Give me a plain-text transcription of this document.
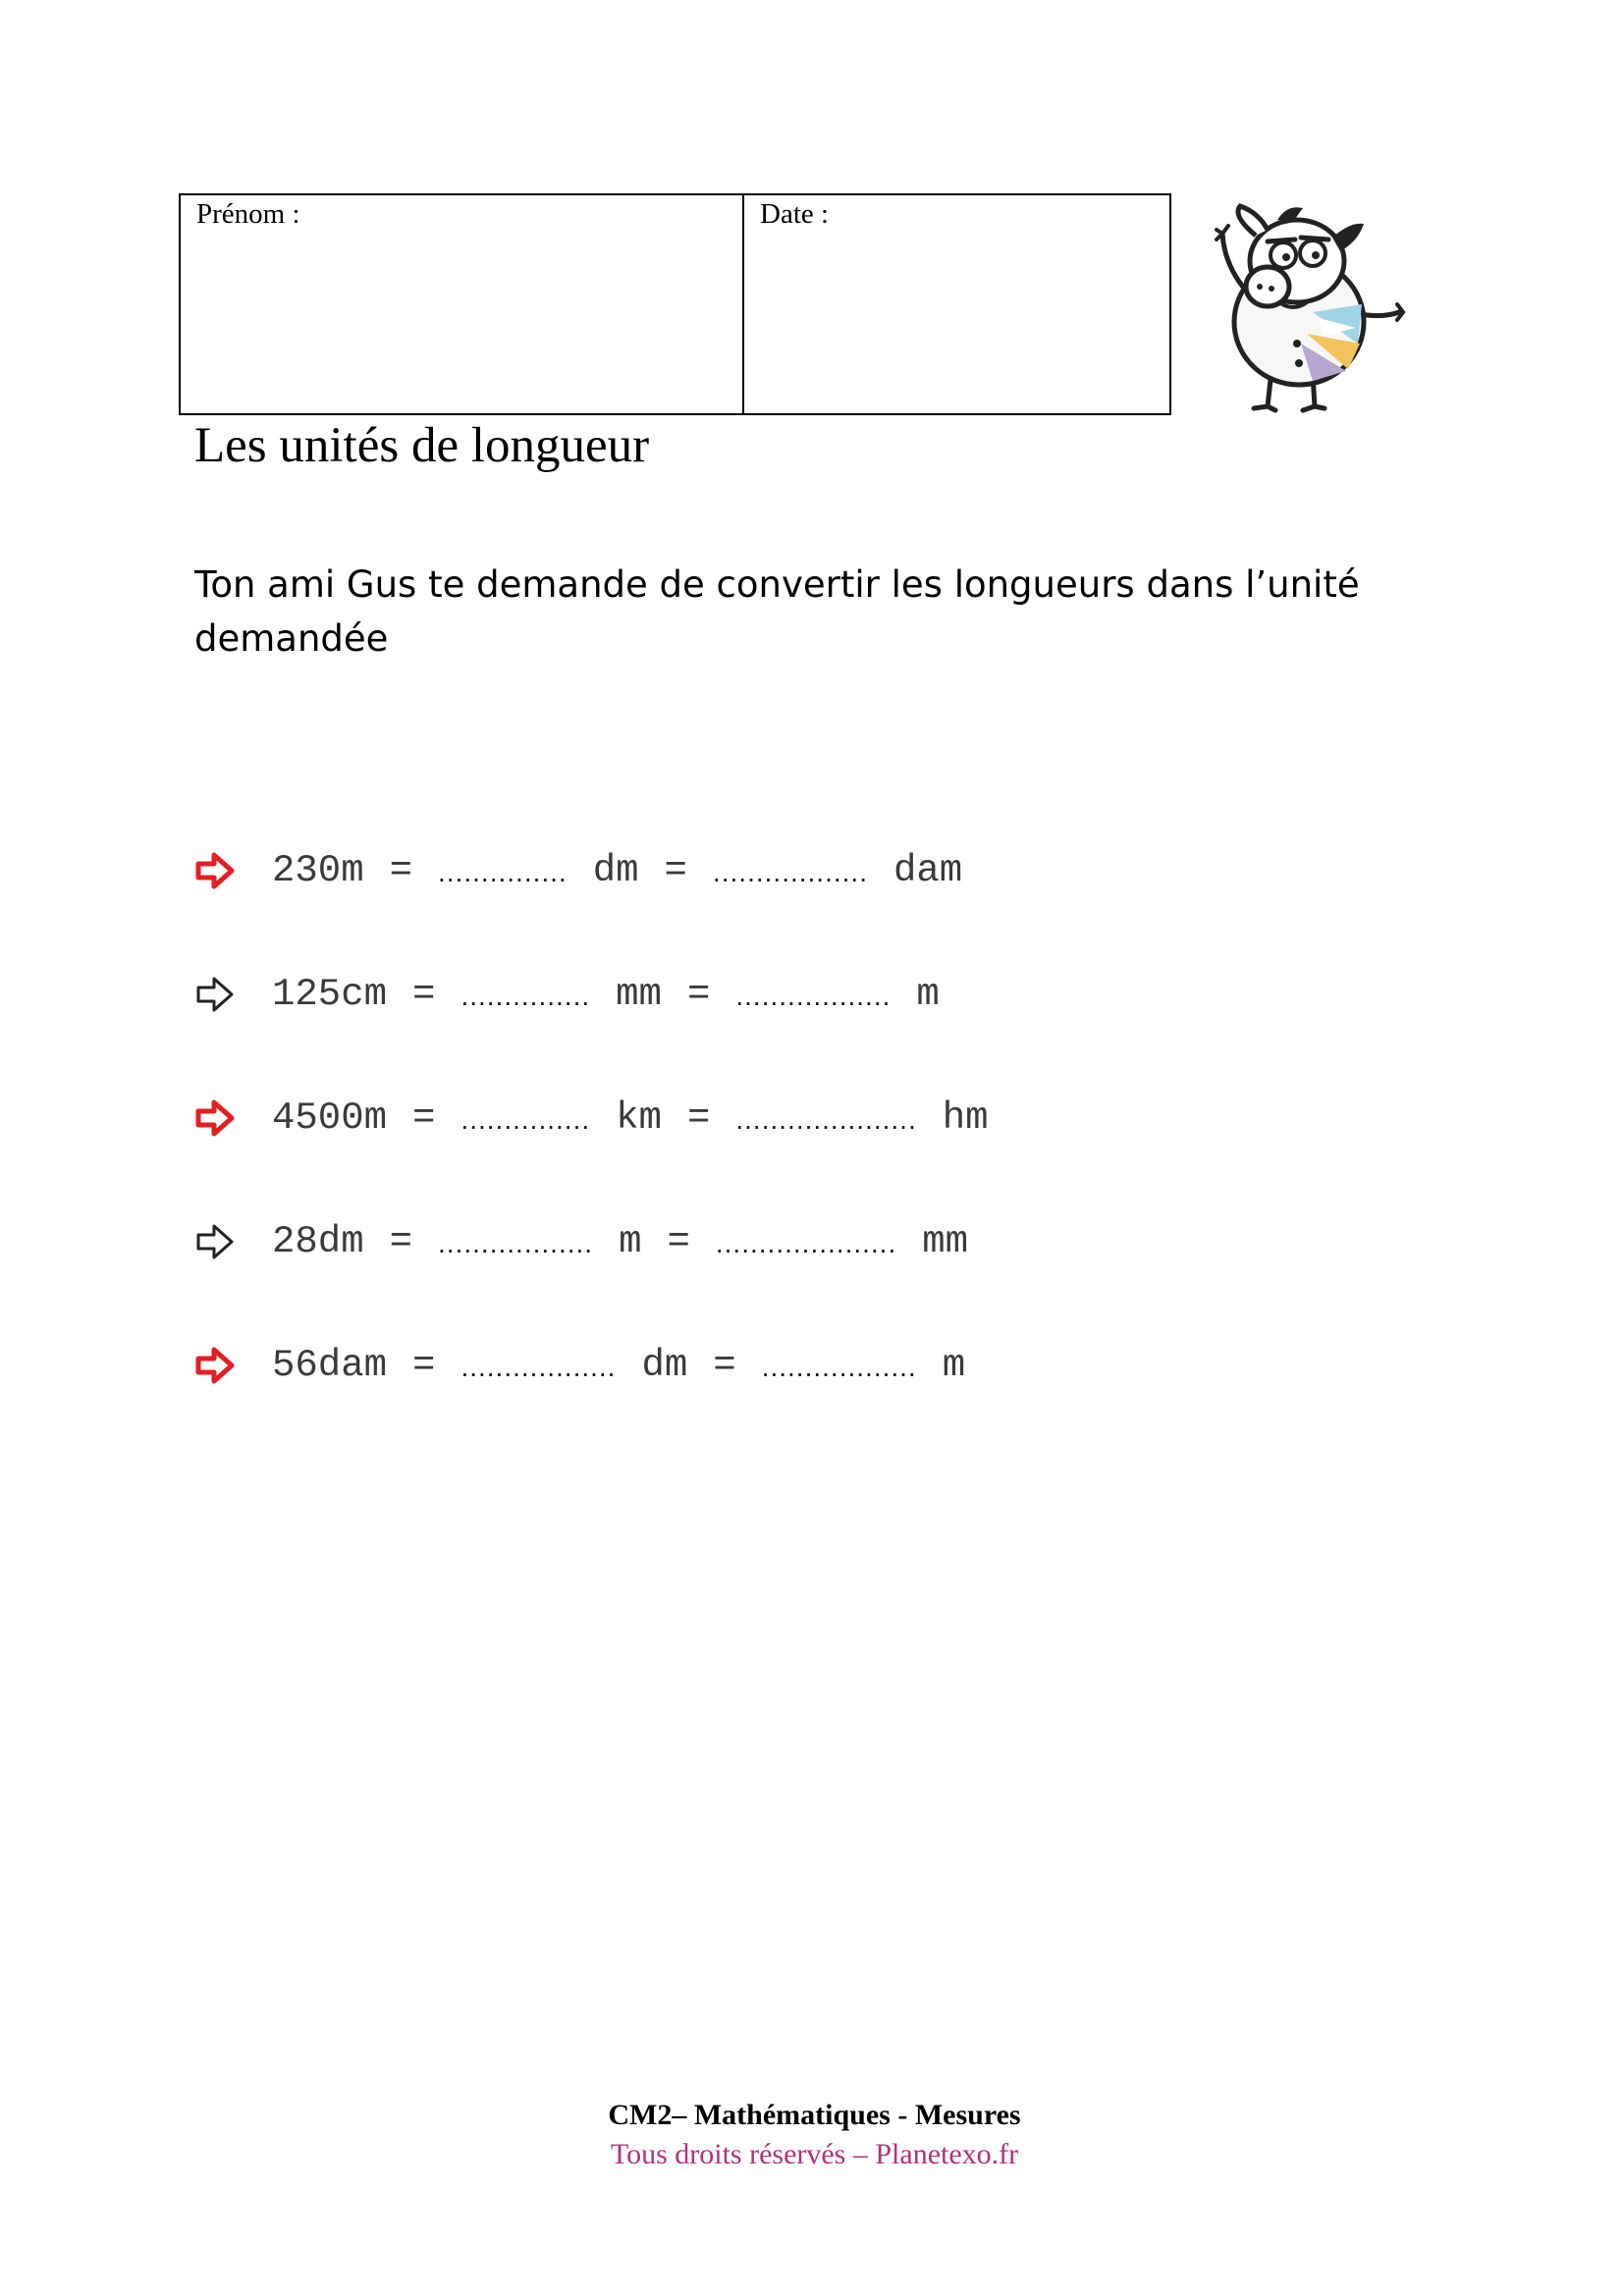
Prénom :	Date :
Les unités de longueur

Ton ami Gus te demande de convertir les longueurs dans l’unité demandée

230m = ............... dm = .................. dam
125cm = ............... mm = .................. m
4500m = ............... km = ..................... hm
28dm = .................. m = ..................... mm
56dam = .................. dm = .................. m
CM2– Mathématiques - Mesures
Tous droits réservés – Planetexo.fr
